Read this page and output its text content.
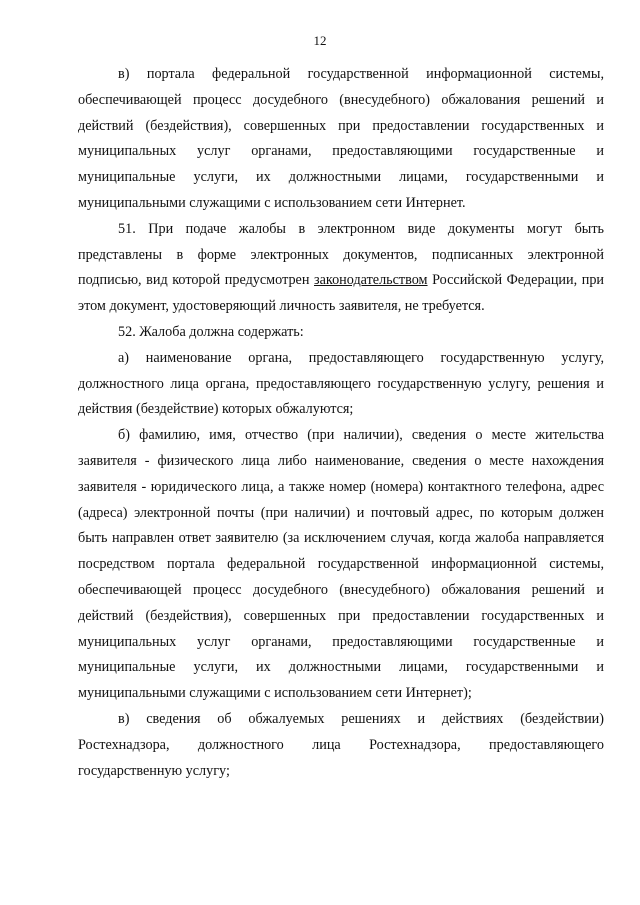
12

в) портала федеральной государственной информационной системы, обеспечивающей процесс досудебного (внесудебного) обжалования решений и действий (бездействия), совершенных при предоставлении государственных и муниципальных услуг органами, предоставляющими государственные и муниципальные услуги, их должностными лицами, государственными и муниципальными служащими с использованием сети Интернет.

51. При подаче жалобы в электронном виде документы могут быть представлены в форме электронных документов, подписанных электронной подписью, вид которой предусмотрен законодательством Российской Федерации, при этом документ, удостоверяющий личность заявителя, не требуется.

52. Жалоба должна содержать:

а) наименование органа, предоставляющего государственную услугу, должностного лица органа, предоставляющего государственную услугу, решения и действия (бездействие) которых обжалуются;

б) фамилию, имя, отчество (при наличии), сведения о месте жительства заявителя - физического лица либо наименование, сведения о месте нахождения заявителя - юридического лица, а также номер (номера) контактного телефона, адрес (адреса) электронной почты (при наличии) и почтовый адрес, по которым должен быть направлен ответ заявителю (за исключением случая, когда жалоба направляется посредством портала федеральной государственной информационной системы, обеспечивающей процесс досудебного (внесудебного) обжалования решений и действий (бездействия), совершенных при предоставлении государственных и муниципальных услуг органами, предоставляющими государственные и муниципальные услуги, их должностными лицами, государственными и муниципальными служащими с использованием сети Интернет);

в) сведения об обжалуемых решениях и действиях (бездействии) Ростехнадзора, должностного лица Ростехнадзора, предоставляющего государственную услугу;
